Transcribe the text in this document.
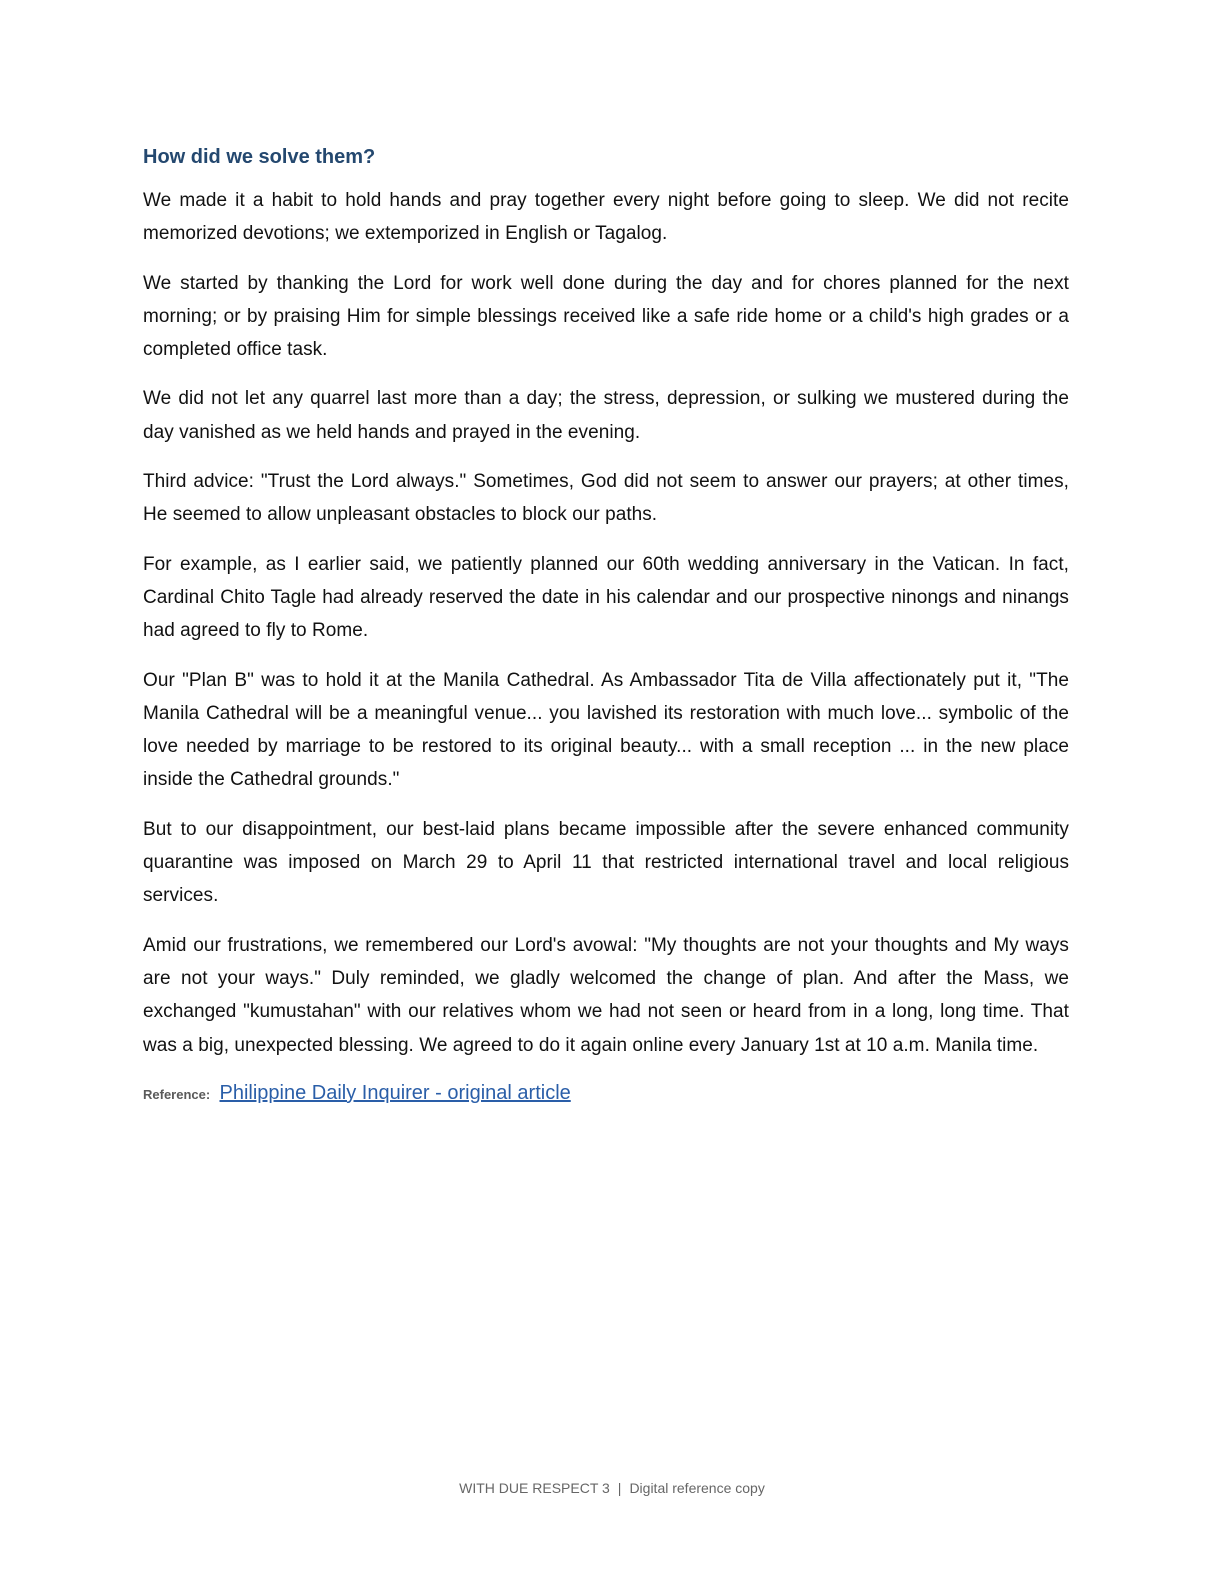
How did we solve them?

We made it a habit to hold hands and pray together every night before going to sleep. We did not recite memorized devotions; we extemporized in English or Tagalog.

We started by thanking the Lord for work well done during the day and for chores planned for the next morning; or by praising Him for simple blessings received like a safe ride home or a child's high grades or a completed office task.

We did not let any quarrel last more than a day; the stress, depression, or sulking we mustered during the day vanished as we held hands and prayed in the evening.

Third advice: "Trust the Lord always." Sometimes, God did not seem to answer our prayers; at other times, He seemed to allow unpleasant obstacles to block our paths.

For example, as I earlier said, we patiently planned our 60th wedding anniversary in the Vatican. In fact, Cardinal Chito Tagle had already reserved the date in his calendar and our prospective ninongs and ninangs had agreed to fly to Rome.

Our "Plan B" was to hold it at the Manila Cathedral. As Ambassador Tita de Villa affectionately put it, "The Manila Cathedral will be a meaningful venue... you lavished its restoration with much love... symbolic of the love needed by marriage to be restored to its original beauty... with a small reception ... in the new place inside the Cathedral grounds."

But to our disappointment, our best-laid plans became impossible after the severe enhanced community quarantine was imposed on March 29 to April 11 that restricted international travel and local religious services.

Amid our frustrations, we remembered our Lord's avowal: "My thoughts are not your thoughts and My ways are not your ways." Duly reminded, we gladly welcomed the change of plan. And after the Mass, we exchanged "kumustahan" with our relatives whom we had not seen or heard from in a long, long time. That was a big, unexpected blessing. We agreed to do it again online every January 1st at 10 a.m. Manila time.

Reference: Philippine Daily Inquirer - original article
WITH DUE RESPECT 3 | Digital reference copy
